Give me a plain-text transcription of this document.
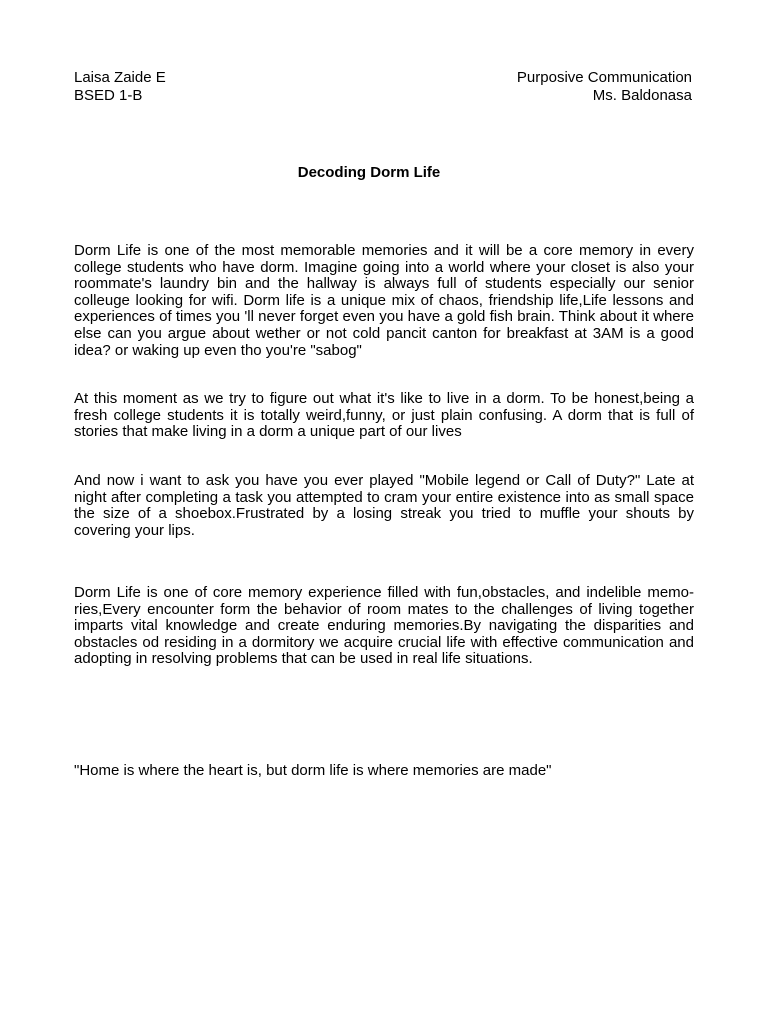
Laisa Zaide E
BSED 1-B
Purposive Communication
Ms. Baldonasa
Decoding Dorm Life

Dorm Life is one of the most memorable memories and it will be a core memory in every college students who have dorm. Imagine going into a world where your closet is also your roommate's laundry bin and the hallway is always full of students especially our senior colleuge looking for wifi. Dorm life is a unique mix of chaos, friendship life,Life lessons and experiences of times you 'll never forget even you have a gold fish brain. Think about it where else can you argue about wether or not cold pancit canton for breakfast at 3AM is a good idea? or waking up even tho you're "sabog"

At this moment as we try to figure out what it's like to live in a dorm. To be honest,being a fresh college students it is totally weird,funny, or just plain confusing. A dorm that is full of stories that make living in a dorm a unique part of our lives

And now i want to ask you have you ever played "Mobile legend or Call of Duty?" Late at night after completing a task you attempted to cram your entire existence into as small space the size of a shoebox.Frustrated by a losing streak you tried to muffle your shouts by covering your lips.

Dorm Life is one of core memory experience filled with fun,obstacles, and indelible memories,Every encounter form the behavior of room mates to the challenges of living together imparts vital knowledge and create enduring memories.By navigating the disparities and obstacles od residing in a dormitory we acquire crucial life with effective communication and adopting in resolving problems that can be used in real life situations.

"Home is where the heart is, but dorm life is where memories are made"
